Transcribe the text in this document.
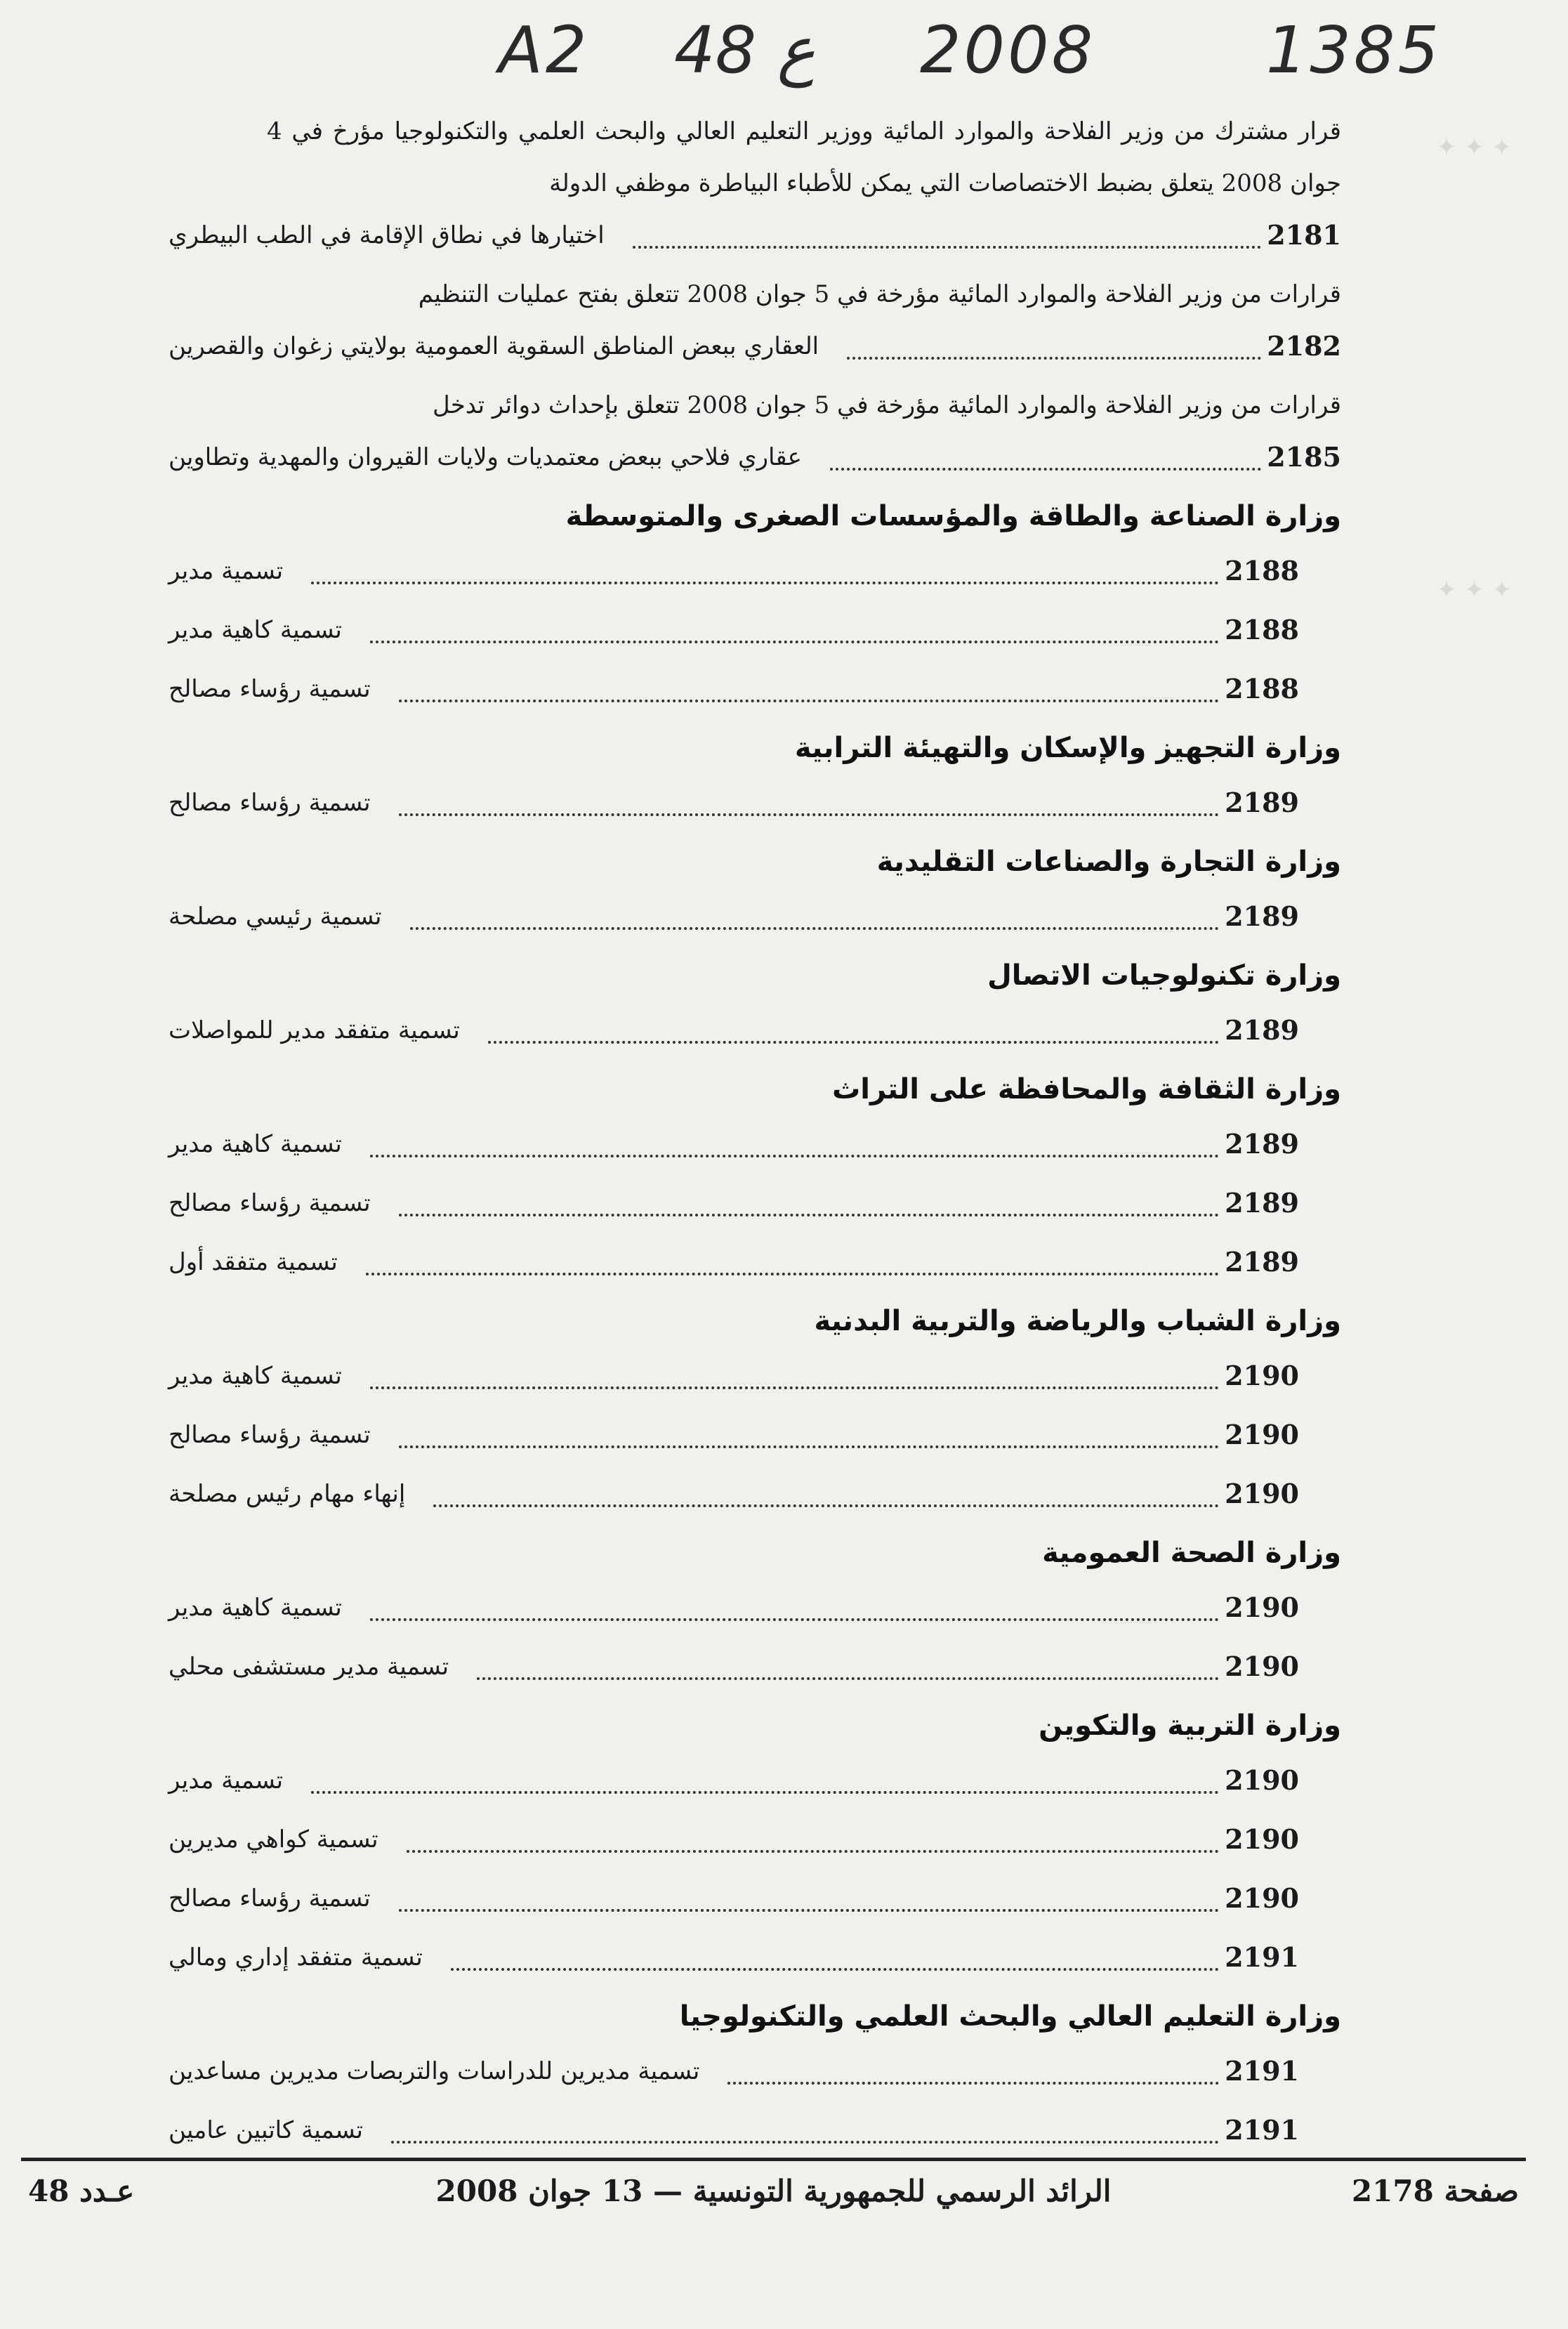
✦ ✦ ✦
✦ ✦ ✦
A2 48 ع 2008	1385
قرار مشترك من وزير الفلاحة والموارد المائية ووزير التعليم العالي والبحث العلمي والتكنولوجيا مؤرخ في 4 جوان 2008 يتعلق بضبط الاختصاصات التي يمكن للأطباء البياطرة موظفي الدولة
اختيارها في نطاق الإقامة في الطب البيطري	2181
قرارات من وزير الفلاحة والموارد المائية مؤرخة في 5 جوان 2008 تتعلق بفتح عمليات التنظيم
العقاري ببعض المناطق السقوية العمومية بولايتي زغوان والقصرين	2182
قرارات من وزير الفلاحة والموارد المائية مؤرخة في 5 جوان 2008 تتعلق بإحداث دوائر تدخل
عقاري فلاحي ببعض معتمديات ولايات القيروان والمهدية وتطاوين	2185
وزارة الصناعة والطاقة والمؤسسات الصغرى والمتوسطة
تسمية مدير	2188
تسمية كاهية مدير	2188
تسمية رؤساء مصالح	2188
وزارة التجهيز والإسكان والتهيئة الترابية
تسمية رؤساء مصالح	2189
وزارة التجارة والصناعات التقليدية
تسمية رئيسي مصلحة	2189
وزارة تكنولوجيات الاتصال
تسمية متفقد مدير للمواصلات	2189
وزارة الثقافة والمحافظة على التراث
تسمية كاهية مدير	2189
تسمية رؤساء مصالح	2189
تسمية متفقد أول	2189
وزارة الشباب والرياضة والتربية البدنية
تسمية كاهية مدير	2190
تسمية رؤساء مصالح	2190
إنهاء مهام رئيس مصلحة	2190
وزارة الصحة العمومية
تسمية كاهية مدير	2190
تسمية مدير مستشفى محلي	2190
وزارة التربية والتكوين
تسمية مدير	2190
تسمية كواهي مديرين	2190
تسمية رؤساء مصالح	2190
تسمية متفقد إداري ومالي	2191
وزارة التعليم العالي والبحث العلمي والتكنولوجيا
تسمية مديرين للدراسات والتربصات مديرين مساعدين	2191
تسمية كاتبين عامين	2191
عـدد 48	الرائد الرسمي للجمهورية التونسية — 13 جوان 2008	صفحة 2178
